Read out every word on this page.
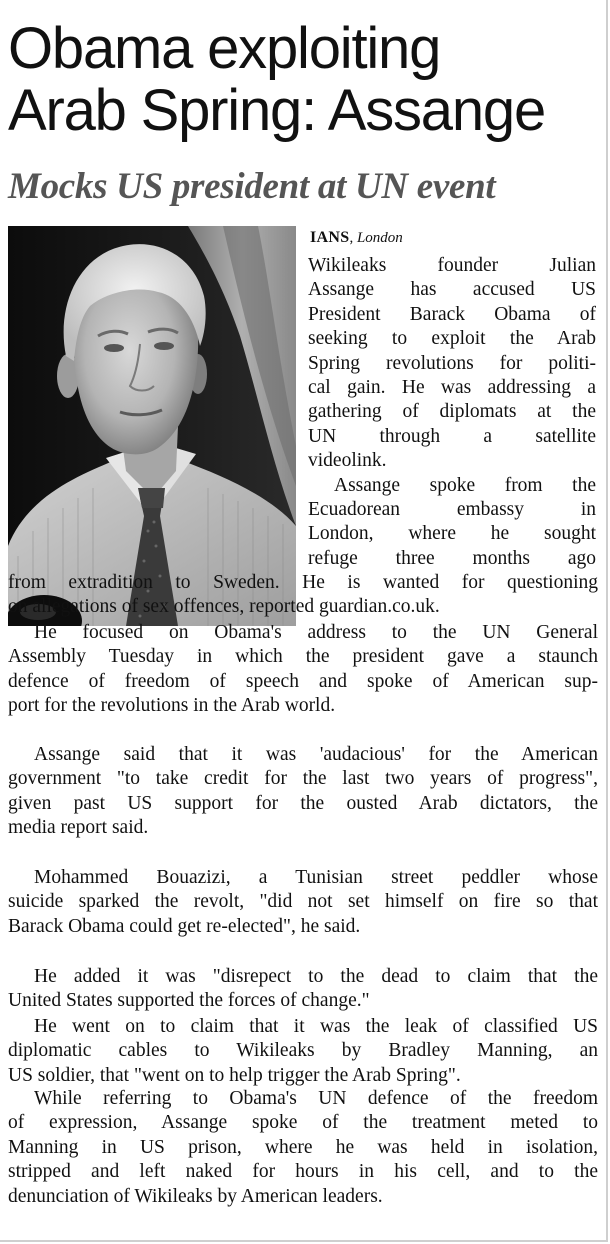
Obama exploiting
Arab Spring: Assange
Mocks US president at UN event
IANS, London
Wikileaks founder Julian
Assange has accused US
President Barack Obama of
seeking to exploit the Arab
Spring revolutions for politi-
cal gain. He was addressing a
gathering of diplomats at the
UN through a satellite
videolink.
Assange spoke from the
Ecuadorean embassy in
London, where he sought
refuge three months ago
from extradition to Sweden. He is wanted for questioning
on allegations of sex offences, reported guardian.co.uk.
He focused on Obama's address to the UN General
Assembly Tuesday in which the president gave a staunch
defence of freedom of speech and spoke of American sup-
port for the revolutions in the Arab world.
Assange said that it was 'audacious' for the American
government "to take credit for the last two years of progress",
given past US support for the ousted Arab dictators, the
media report said.
Mohammed Bouazizi, a Tunisian street peddler whose
suicide sparked the revolt, "did not set himself on fire so that
Barack Obama could get re-elected", he said.
He added it was "disrepect to the dead to claim that the
United States supported the forces of change."
He went on to claim that it was the leak of classified US
diplomatic cables to Wikileaks by Bradley Manning, an
US soldier, that "went on to help trigger the Arab Spring".
While referring to Obama's UN defence of the freedom
of expression, Assange spoke of the treatment meted to
Manning in US prison, where he was held in isolation,
stripped and left naked for hours in his cell, and to the
denunciation of Wikileaks by American leaders.
